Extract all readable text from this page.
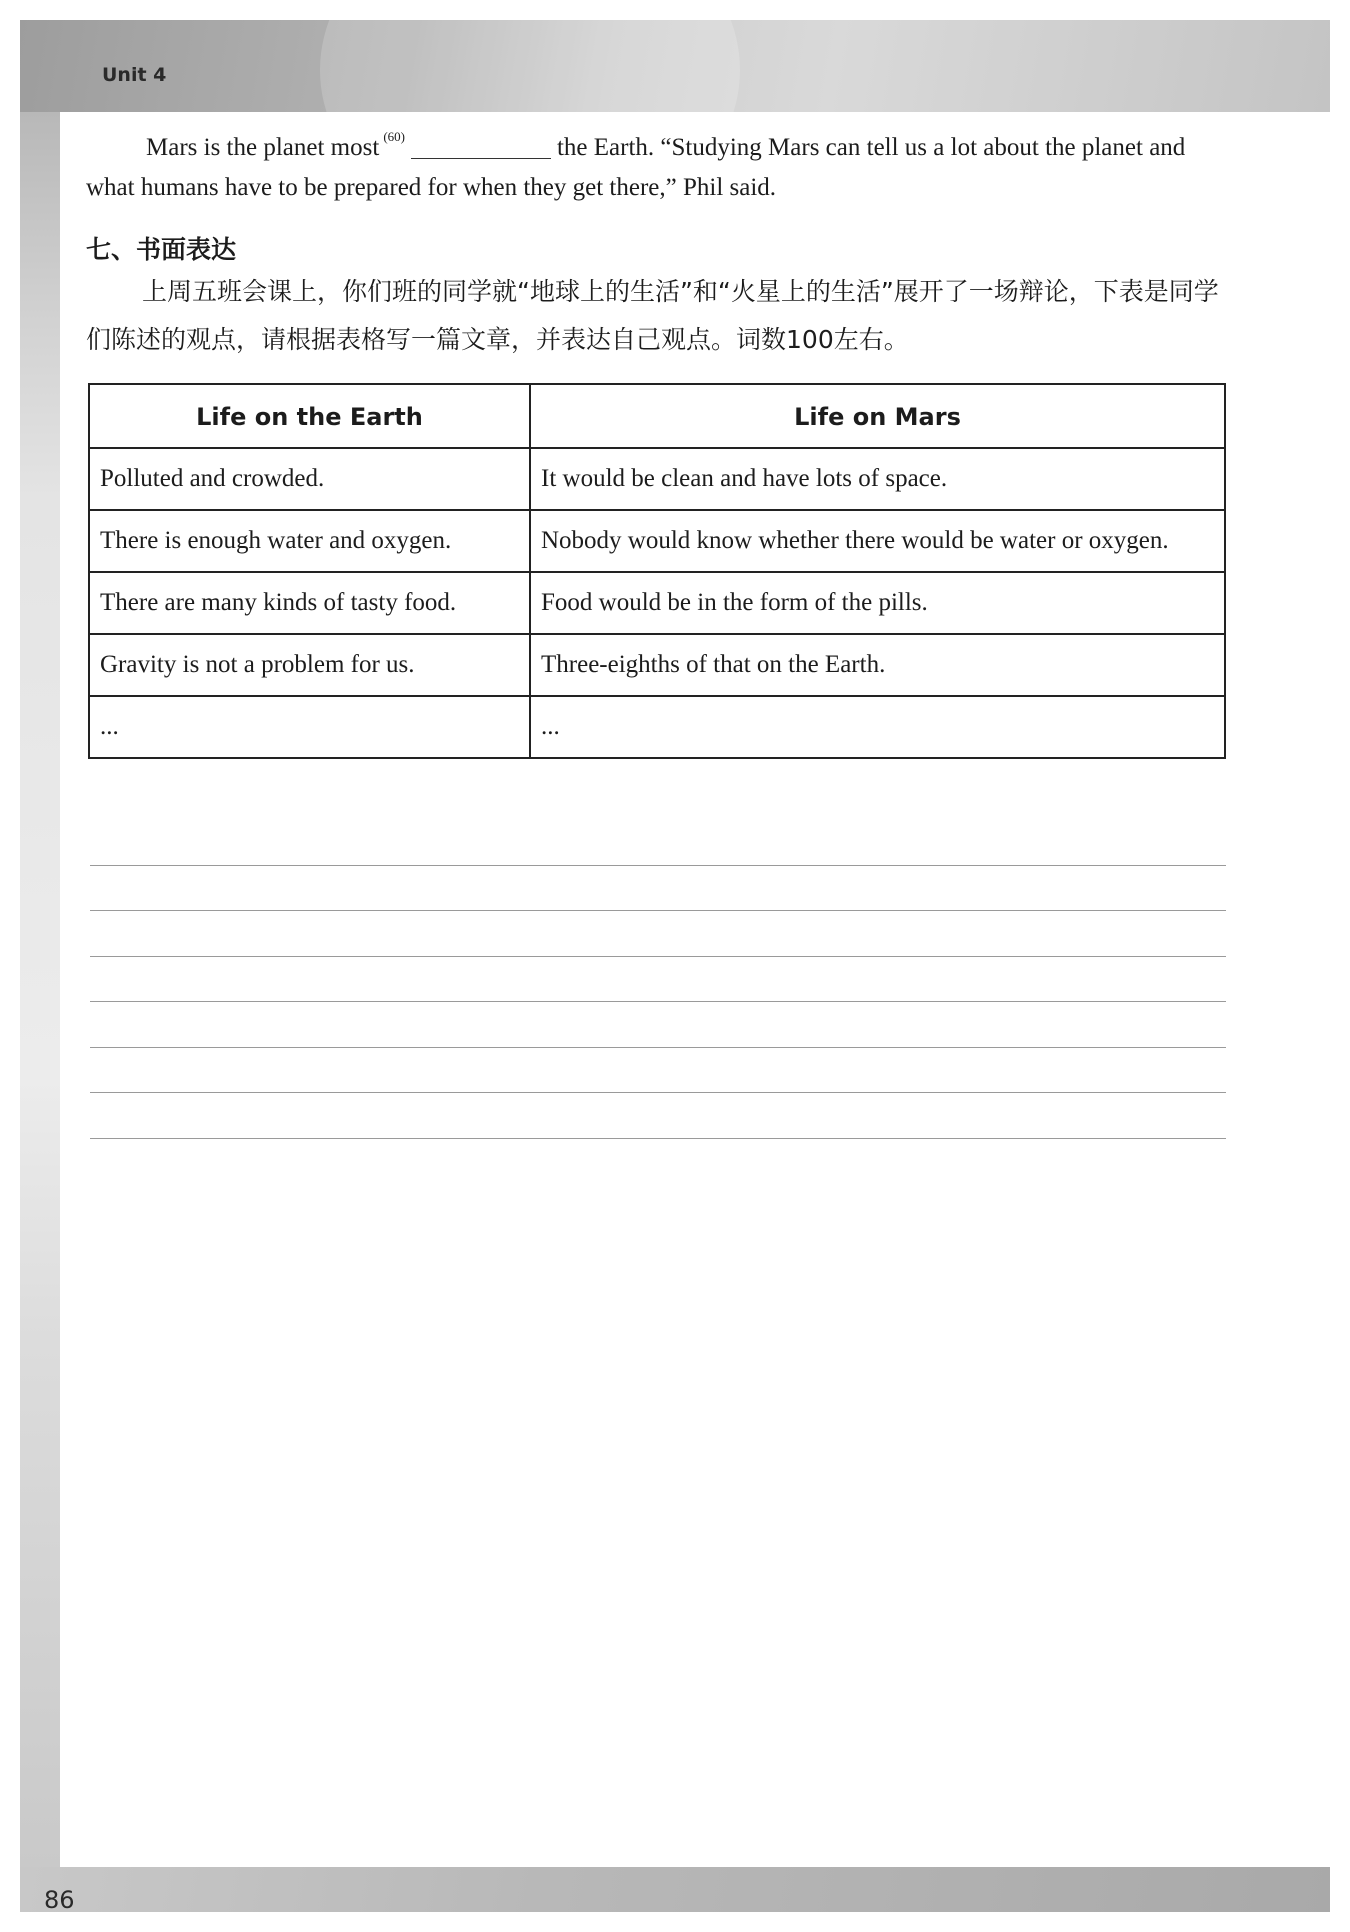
Unit 4

Mars is the planet most $^{(60)}$	the Earth. “Studying Mars can tell us a lot about the planet and what humans have to be prepared for when they get there,” Phil said.

七、书面表达

上周五班会课上，你们班的同学就“地球上的生活”和“火星上的生活”展开了一场辩论，下表是同学们陈述的观点，请根据表格写一篇文章，并表达自己观点。词数100左右。

Life on the Earth	Life on Mars
Polluted and crowded.	It would be clean and have lots of space.
There is enough water and oxygen.	Nobody would know whether there would be water or oxygen.
There are many kinds of tasty food.	Food would be in the form of the pills.
Gravity is not a problem for us.	Three-eighths of that on the Earth.
...	...
86
